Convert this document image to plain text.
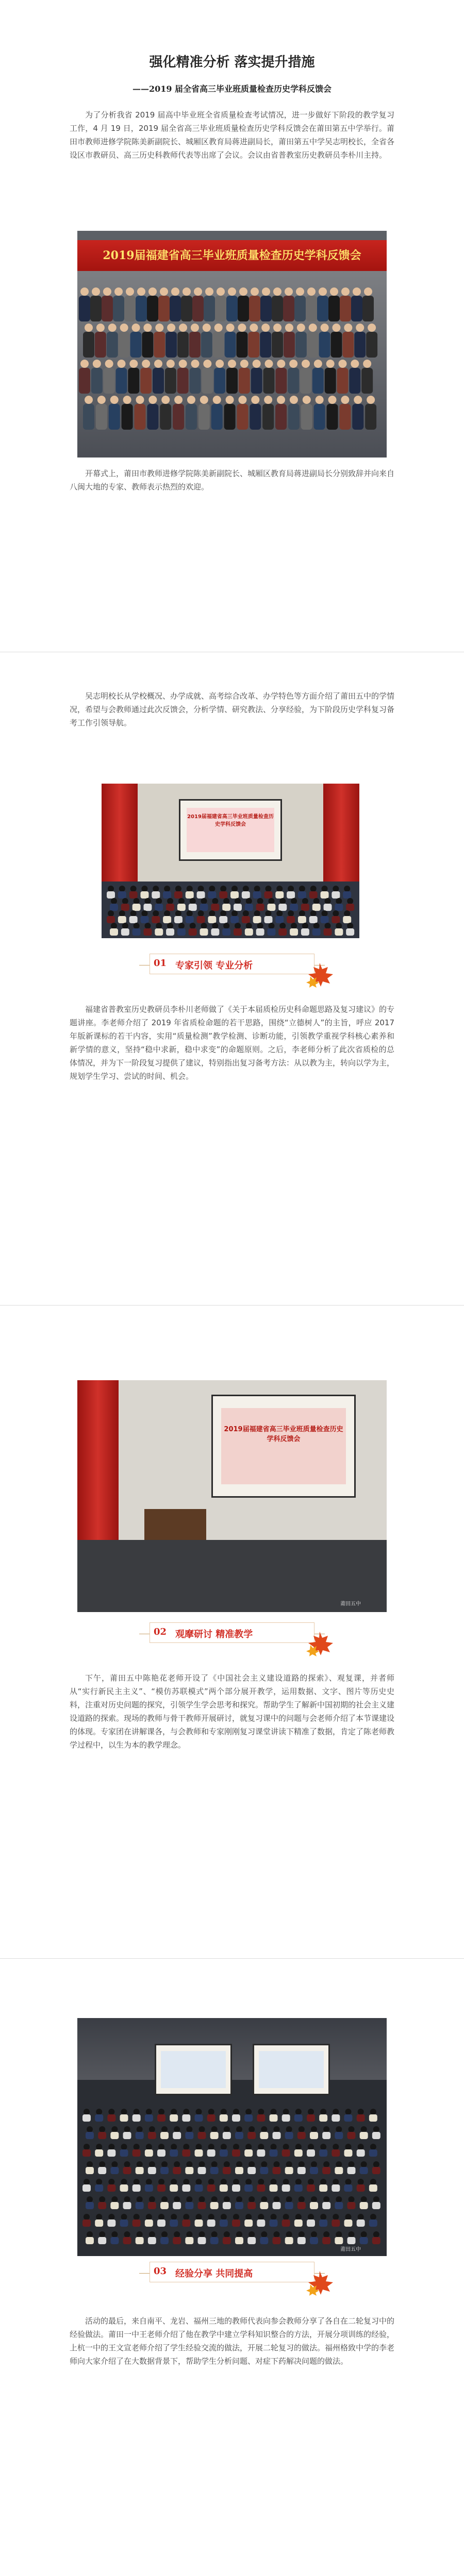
强化精准分析 落实提升措施
——2019 届全省高三毕业班质量检查历史学科反馈会
为了分析我省 2019 届高中毕业班全省质量检查考试情况，进一步做好下阶段的教学复习工作，4 月 19 日，2019 届全省高三毕业班质量检查历史学科反馈会在莆田第五中学举行。莆田市教师进修学院陈美新副院长、城厢区教育局蒋进副局长，莆田第五中学吴志明校长，全省各设区市教研员、高三历史科教师代表等出席了会议。会议由省普教室历史教研员李朴川主持。
2019届福建省高三毕业班质量检查历史学科反馈会
开幕式上，莆田市教师进修学院陈美新副院长、城厢区教育局蒋进副局长分别致辞并向来自八闽大地的专家、教师表示热烈的欢迎。
吴志明校长从学校概况、办学成就、高考综合改革、办学特色等方面介绍了莆田五中的学情况，希望与会教师通过此次反馈会，分析学情、研究教法、分享经验，为下阶段历史学科复习备考工作引领导航。
2019届福建省高三毕业班质量检查历史学科反馈会
01 专家引领 专业分析
福建省普教室历史教研员李朴川老师做了《关于本届质检历史科命题思路及复习建议》的专题讲座。李老师介绍了 2019 年省质检命题的若干思路，围绕“立德树人”的主旨，呼应 2017 年版新课标的若干内容，实用“质量检测”教学检测、诊断功能，引领教学重视学科核心素养和新学情的意义，坚持“稳中求新，稳中求变”的命题原则。之后，李老师分析了此次省质检的总体情况，并为下一阶段复习提供了建议，特别指出复习备考方法：从以教为主，转向以学为主，规划学生学习、尝试的时间、机会。
2019届福建省高三毕业班质量检查历史学科反馈会
莆田五中
02 观摩研讨 精准教学
下午，莆田五中陈艳花老师开设了《中国社会主义建设道路的探索》、观复课，并者师从“实行新民主主义”、“模仿苏联模式”两个部分展开教学，运用数据、文字、图片等历史史料，注重对历史问题的探究，引领学生学会思考和探究。帮助学生了解新中国初期的社会主义建设道路的探索。现场的教师与骨干教师开展研讨，就复习课中的问题与会老师介绍了本节课建设的体现。专家团在讲解课各，与会教师和专家刚刚复习课堂讲读下精准了数据，肯定了陈老师教学过程中，以生为本的教学理念。
莆田五中
03 经验分享 共同提高
活动的最后，来自南平、龙岩、福州三地的教师代表向参会教师分享了各自在二轮复习中的经验做法。莆田一中王老师介绍了他在教学中建立学科知识整合的方法，开展分项训练的经验，上杭一中的王文宣老师介绍了学生经验交流的做法，开展二轮复习的做法。福州格致中学的李老师向大家介绍了在大数据背景下，帮助学生分析问题、对症下药解决问题的做法。
